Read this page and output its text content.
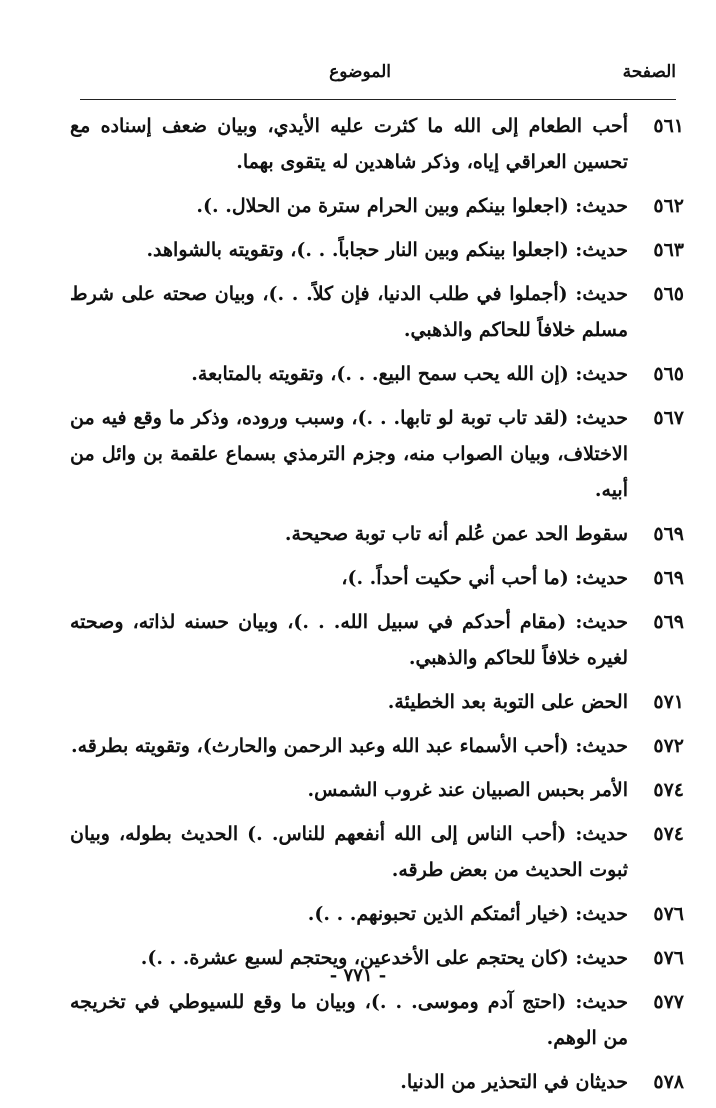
الصفحة
الموضوع
٥٦١
أحب الطعام إلى الله ما كثرت عليه الأيدي، وبيان ضعف إسناده مع تحسين العراقي إياه، وذكر شاهدين له يتقوى بهما.
٥٦٢
حديث: (اجعلوا بينكم وبين الحرام سترة من الحلال. .).
٥٦٣
حديث: (اجعلوا بينكم وبين النار حجاباً. . .)، وتقويته بالشواهد.
٥٦٥
حديث: (أجملوا في طلب الدنيا، فإن كلاً. . .)، وبيان صحته على شرط مسلم خلافاً للحاكم والذهبي.
٥٦٥
حديث: (إن الله يحب سمح البيع. . .)، وتقويته بالمتابعة.
٥٦٧
حديث: (لقد تاب توبة لو تابها. . .)، وسبب وروده، وذكر ما وقع فيه من الاختلاف، وبيان الصواب منه، وجزم الترمذي بسماع علقمة بن وائل من أبيه.
٥٦٩
سقوط الحد عمن عُلم أنه تاب توبة صحيحة.
٥٦٩
حديث: (ما أحب أني حكيت أحداً. .)،
٥٦٩
حديث: (مقام أحدكم في سبيل الله. . .)، وبيان حسنه لذاته، وصحته لغيره خلافاً للحاكم والذهبي.
٥٧١
الحض على التوبة بعد الخطيئة.
٥٧٢
حديث: (أحب الأسماء عبد الله وعبد الرحمن والحارث)، وتقويته بطرقه.
٥٧٤
الأمر بحبس الصبيان عند غروب الشمس.
٥٧٤
حديث: (أحب الناس إلى الله أنفعهم للناس. .) الحديث بطوله، وبيان ثبوت الحديث من بعض طرقه.
٥٧٦
حديث: (خيار أئمتكم الذين تحبونهم. . .).
٥٧٦
حديث: (كان يحتجم على الأخدعين، ويحتجم لسبع عشرة. . .).
٥٧٧
حديث: (احتج آدم وموسى. . .)، وبيان ما وقع للسيوطي في تخريجه من الوهم.
٥٧٨
حديثان في التحذير من الدنيا.
- ٧٧١ -
